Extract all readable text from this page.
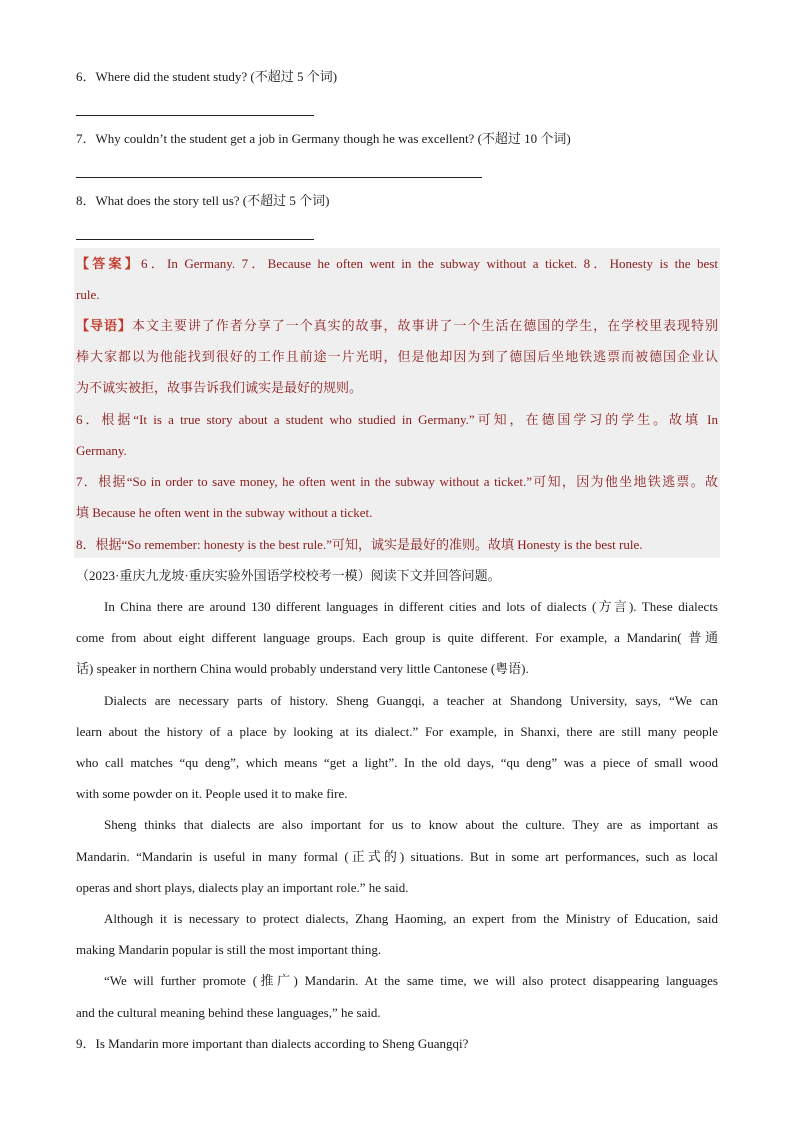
6．Where did the student study? (不超过 5 个词)
7．Why couldn’t the student get a job in Germany though he was excellent? (不超过 10 个词)
8．What does the story tell us? (不超过 5 个词)
【答案】6．In Germany. 7．Because he often went in the subway without a ticket. 8．Honesty is the best
rule.
【导语】本文主要讲了作者分享了一个真实的故事，故事讲了一个生活在德国的学生，在学校里表现特别
棒大家都以为他能找到很好的工作且前途一片光明，但是他却因为到了德国后坐地铁逃票而被德国企业认
为不诚实被拒，故事告诉我们诚实是最好的规则。
6．根据“It is a true story about a student who studied in Germany.”可知，在德国学习的学生。故填 In
Germany.
7．根据“So in order to save money, he often went in the subway without a ticket.”可知，因为他坐地铁逃票。故
填 Because he often went in the subway without a ticket.
8．根据“So remember: honesty is the best rule.”可知，诚实是最好的准则。故填 Honesty is the best rule.
（2023·重庆九龙坡·重庆实验外国语学校校考一模）阅读下文并回答问题。
In China there are around 130 different languages in different cities and lots of dialects (方言). These dialects
come from about eight different language groups. Each group is quite different. For example, a Mandarin( 普通
话) speaker in northern China would probably understand very little Cantonese (粤语).
Dialects are necessary parts of history. Sheng Guangqi, a teacher at Shandong University, says, “We can
learn about the history of a place by looking at its dialect.” For example, in Shanxi, there are still many people
who call matches “qu deng”, which means “get a light”. In the old days, “qu deng” was a piece of small wood
with some powder on it. People used it to make fire.
Sheng thinks that dialects are also important for us to know about the culture. They are as important as
Mandarin. “Mandarin is useful in many formal (正式的) situations. But in some art performances, such as local
operas and short plays, dialects play an important role.” he said.
Although it is necessary to protect dialects, Zhang Haoming, an expert from the Ministry of Education, said
making Mandarin popular is still the most important thing.
“We will further promote (推广) Mandarin. At the same time, we will also protect disappearing languages
and the cultural meaning behind these languages,” he said.
9．Is Mandarin more important than dialects according to Sheng Guangqi?
